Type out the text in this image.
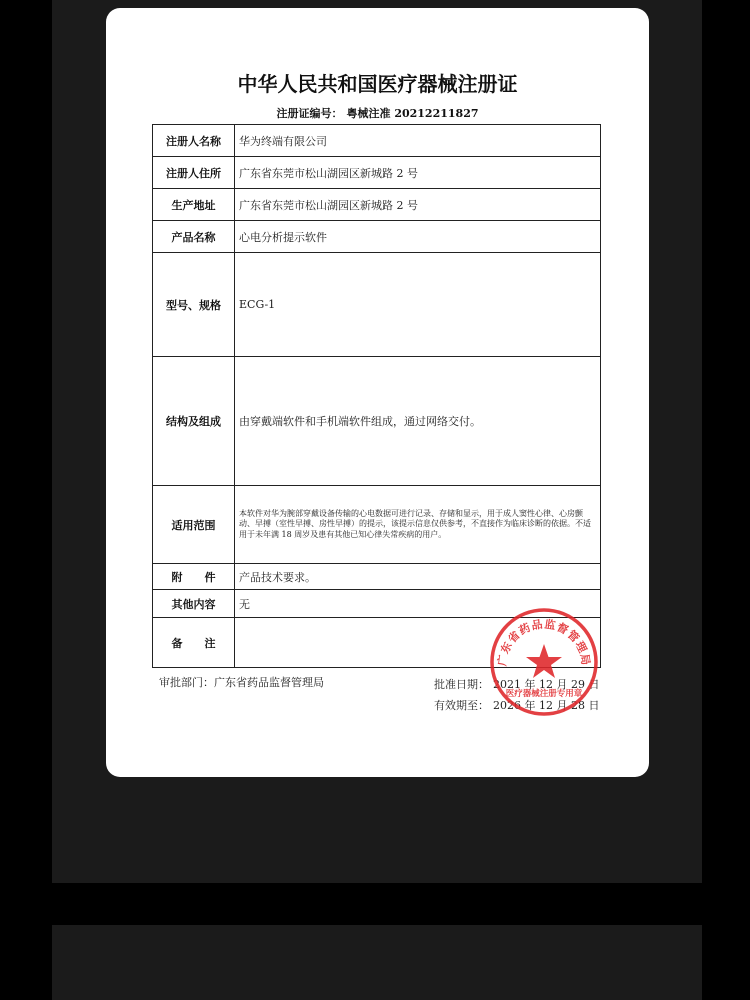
中华人民共和国医疗器械注册证
注册证编号： 粤械注准 20212211827
注册人名称	华为终端有限公司
注册人住所	广东省东莞市松山湖园区新城路 2 号
生产地址	广东省东莞市松山湖园区新城路 2 号
产品名称	心电分析提示软件
型号、规格	ECG-1
结构及组成	由穿戴端软件和手机端软件组成，通过网络交付。
适用范围	本软件对华为腕部穿戴设备传输的心电数据可进行记录、存储和显示，用于成人窦性心律、心房颤动、早搏（室性早搏、房性早搏）的提示，该提示信息仅供参考，不直接作为临床诊断的依据。不适用于未年满 18 周岁及患有其他已知心律失常疾病的用户。
附　　件	产品技术要求。
其他内容	无
备　　注	
审批部门：广东省药品监督管理局	批准日期： 2021 年 12 月 29 日
有效期至： 2026 年 12 月 28 日
广东省药品监督管理局
医疗器械注册专用章
